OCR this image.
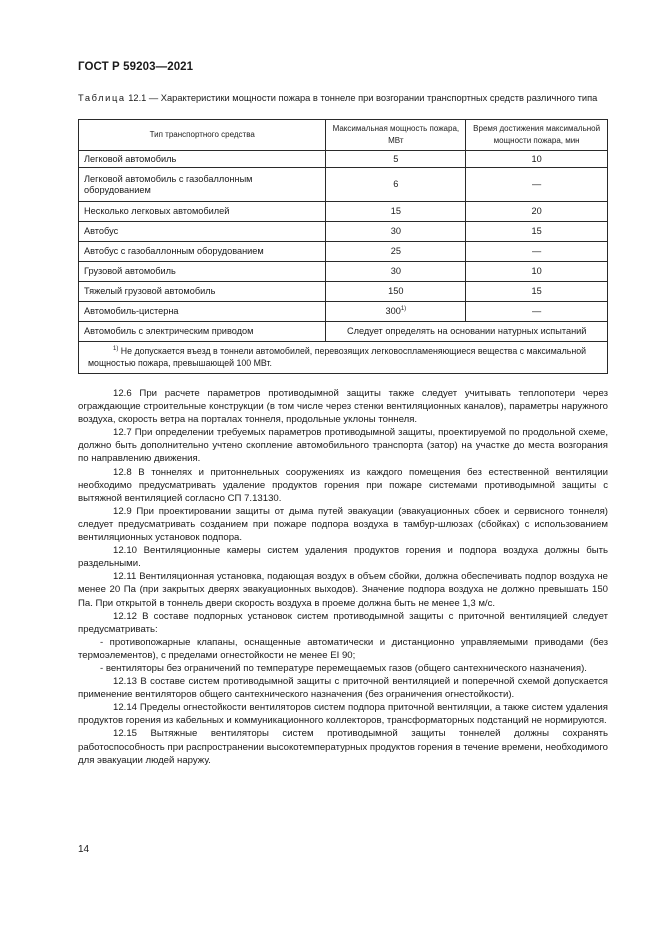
ГОСТ Р 59203—2021
Таблица 12.1 — Характеристики мощности пожара в тоннеле при возгорании транспортных средств различного типа
Тип транспортного средства	Максимальная мощность пожара, МВт	Время достижения максимальной мощности пожара, мин
Легковой автомобиль	5	10
Легковой автомобиль с газобаллонным оборудованием	6	—
Несколько легковых автомобилей	15	20
Автобус	30	15
Автобус с газобаллонным оборудованием	25	—
Грузовой автомобиль	30	10
Тяжелый грузовой автомобиль	150	15
Автомобиль-цистерна	300$^{1)}$	—
Автомобиль с электрическим приводом	Следует определять на основании натурных испытаний	
$^{1)}$ Не допускается въезд в тоннели автомобилей, перевозящих легковоспламеняющиеся вещества с максимальной мощностью пожара, превышающей 100 МВт.		

12.6 При расчете параметров противодымной защиты также следует учитывать теплопотери через ограждающие строительные конструкции (в том числе через стенки вентиляционных каналов), параметры наружного воздуха, скорость ветра на порталах тоннеля, продольные уклоны тоннеля.

12.7 При определении требуемых параметров противодымной защиты, проектируемой по продольной схеме, должно быть дополнительно учтено скопление автомобильного транспорта (затор) на участке до места возгорания по направлению движения.

12.8 В тоннелях и притоннельных сооружениях из каждого помещения без естественной вентиляции необходимо предусматривать удаление продуктов горения при пожаре системами противодымной защиты с вытяжной вентиляцией согласно СП 7.13130.

12.9 При проектировании защиты от дыма путей эвакуации (эвакуационных сбоек и сервисного тоннеля) следует предусматривать созданием при пожаре подпора воздуха в тамбур-шлюзах (сбойках) с использованием вентиляционных установок подпора.

12.10 Вентиляционные камеры систем удаления продуктов горения и подпора воздуха должны быть раздельными.

12.11 Вентиляционная установка, подающая воздух в объем сбойки, должна обеспечивать подпор воздуха не менее 20 Па (при закрытых дверях эвакуационных выходов). Значение подпора воздуха не должно превышать 150 Па. При открытой в тоннель двери скорость воздуха в проеме должна быть не менее 1,3 м/с.

12.12 В составе подпорных установок систем противодымной защиты с приточной вентиляцией следует предусматривать:

- противопожарные клапаны, оснащенные автоматически и дистанционно управляемыми приводами (без термоэлементов), с пределами огнестойкости не менее EI 90;

- вентиляторы без ограничений по температуре перемещаемых газов (общего сантехнического назначения).

12.13 В составе систем противодымной защиты с приточной вентиляцией и поперечной схемой допускается применение вентиляторов общего сантехнического назначения (без ограничения огнестойкости).

12.14 Пределы огнестойкости вентиляторов систем подпора приточной вентиляции, а также систем удаления продуктов горения из кабельных и коммуникационного коллекторов, трансформаторных подстанций не нормируются.

12.15 Вытяжные вентиляторы систем противодымной защиты тоннелей должны сохранять работоспособность при распространении высокотемпературных продуктов горения в течение времени, необходимого для эвакуации людей наружу.

14
